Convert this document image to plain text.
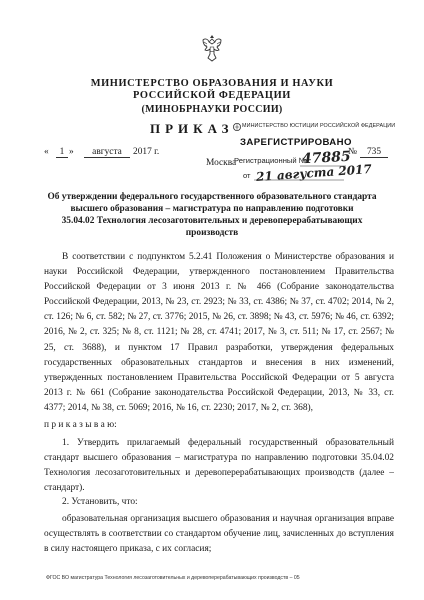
МИНИСТЕРСТВО ОБРАЗОВАНИЯ И НАУКИ
РОССИЙСКОЙ ФЕДЕРАЦИИ
(МИНОБРНАУКИ РОССИИ)
ПРИКАЗ
«	1 »	августа	2017 г.
Москва
№	735
МИНИСТЕРСТВО ЮСТИЦИИ РОССИЙСКОЙ ФЕДЕРАЦИИ
ЗАРЕГИСТРИРОВАНО
Регистрационный №
47885
от 21 августа 2017
Об утверждении федерального государственного образовательного стандарта
высшего образования – магистратура по направлению подготовки
35.04.02 Технология лесозаготовительных и деревоперерабатывающих
производств
В соответствии с подпунктом 5.2.41 Положения о Министерстве образования и науки Российской Федерации, утвержденного постановлением Правительства Российской Федерации от 3 июня 2013 г. № 466 (Собрание законодательства Российской Федерации, 2013, № 23, ст. 2923; № 33, ст. 4386; № 37, ст. 4702; 2014, № 2, ст. 126; № 6, ст. 582; № 27, ст. 3776; 2015, № 26, ст. 3898; № 43, ст. 5976; № 46, ст. 6392; 2016, № 2, ст. 325; № 8, ст. 1121; № 28, ст. 4741; 2017, № 3, ст. 511; № 17, ст. 2567; № 25, ст. 3688), и пунктом 17 Правил разработки, утверждения федеральных государственных образовательных стандартов и внесения в них изменений, утвержденных постановлением Правительства Российской Федерации от 5 августа 2013 г. № 661 (Собрание законодательства Российской Федерации, 2013, № 33, ст. 4377; 2014, № 38, ст. 5069; 2016, № 16, ст. 2230; 2017, № 2, ст. 368),
п р и к а з ы в а ю:
1. Утвердить прилагаемый федеральный государственный образовательный стандарт высшего образования – магистратура по направлению подготовки 35.04.02 Технология лесозаготовительных и деревоперерабатывающих производств (далее – стандарт).
2. Установить, что:
образовательная организация высшего образования и научная организация вправе осуществлять в соответствии со стандартом обучение лиц, зачисленных до вступления в силу настоящего приказа, с их согласия;
ФГОС ВО магистратура Технология лесозаготовительных и деревоперерабатывающих производств – 05
